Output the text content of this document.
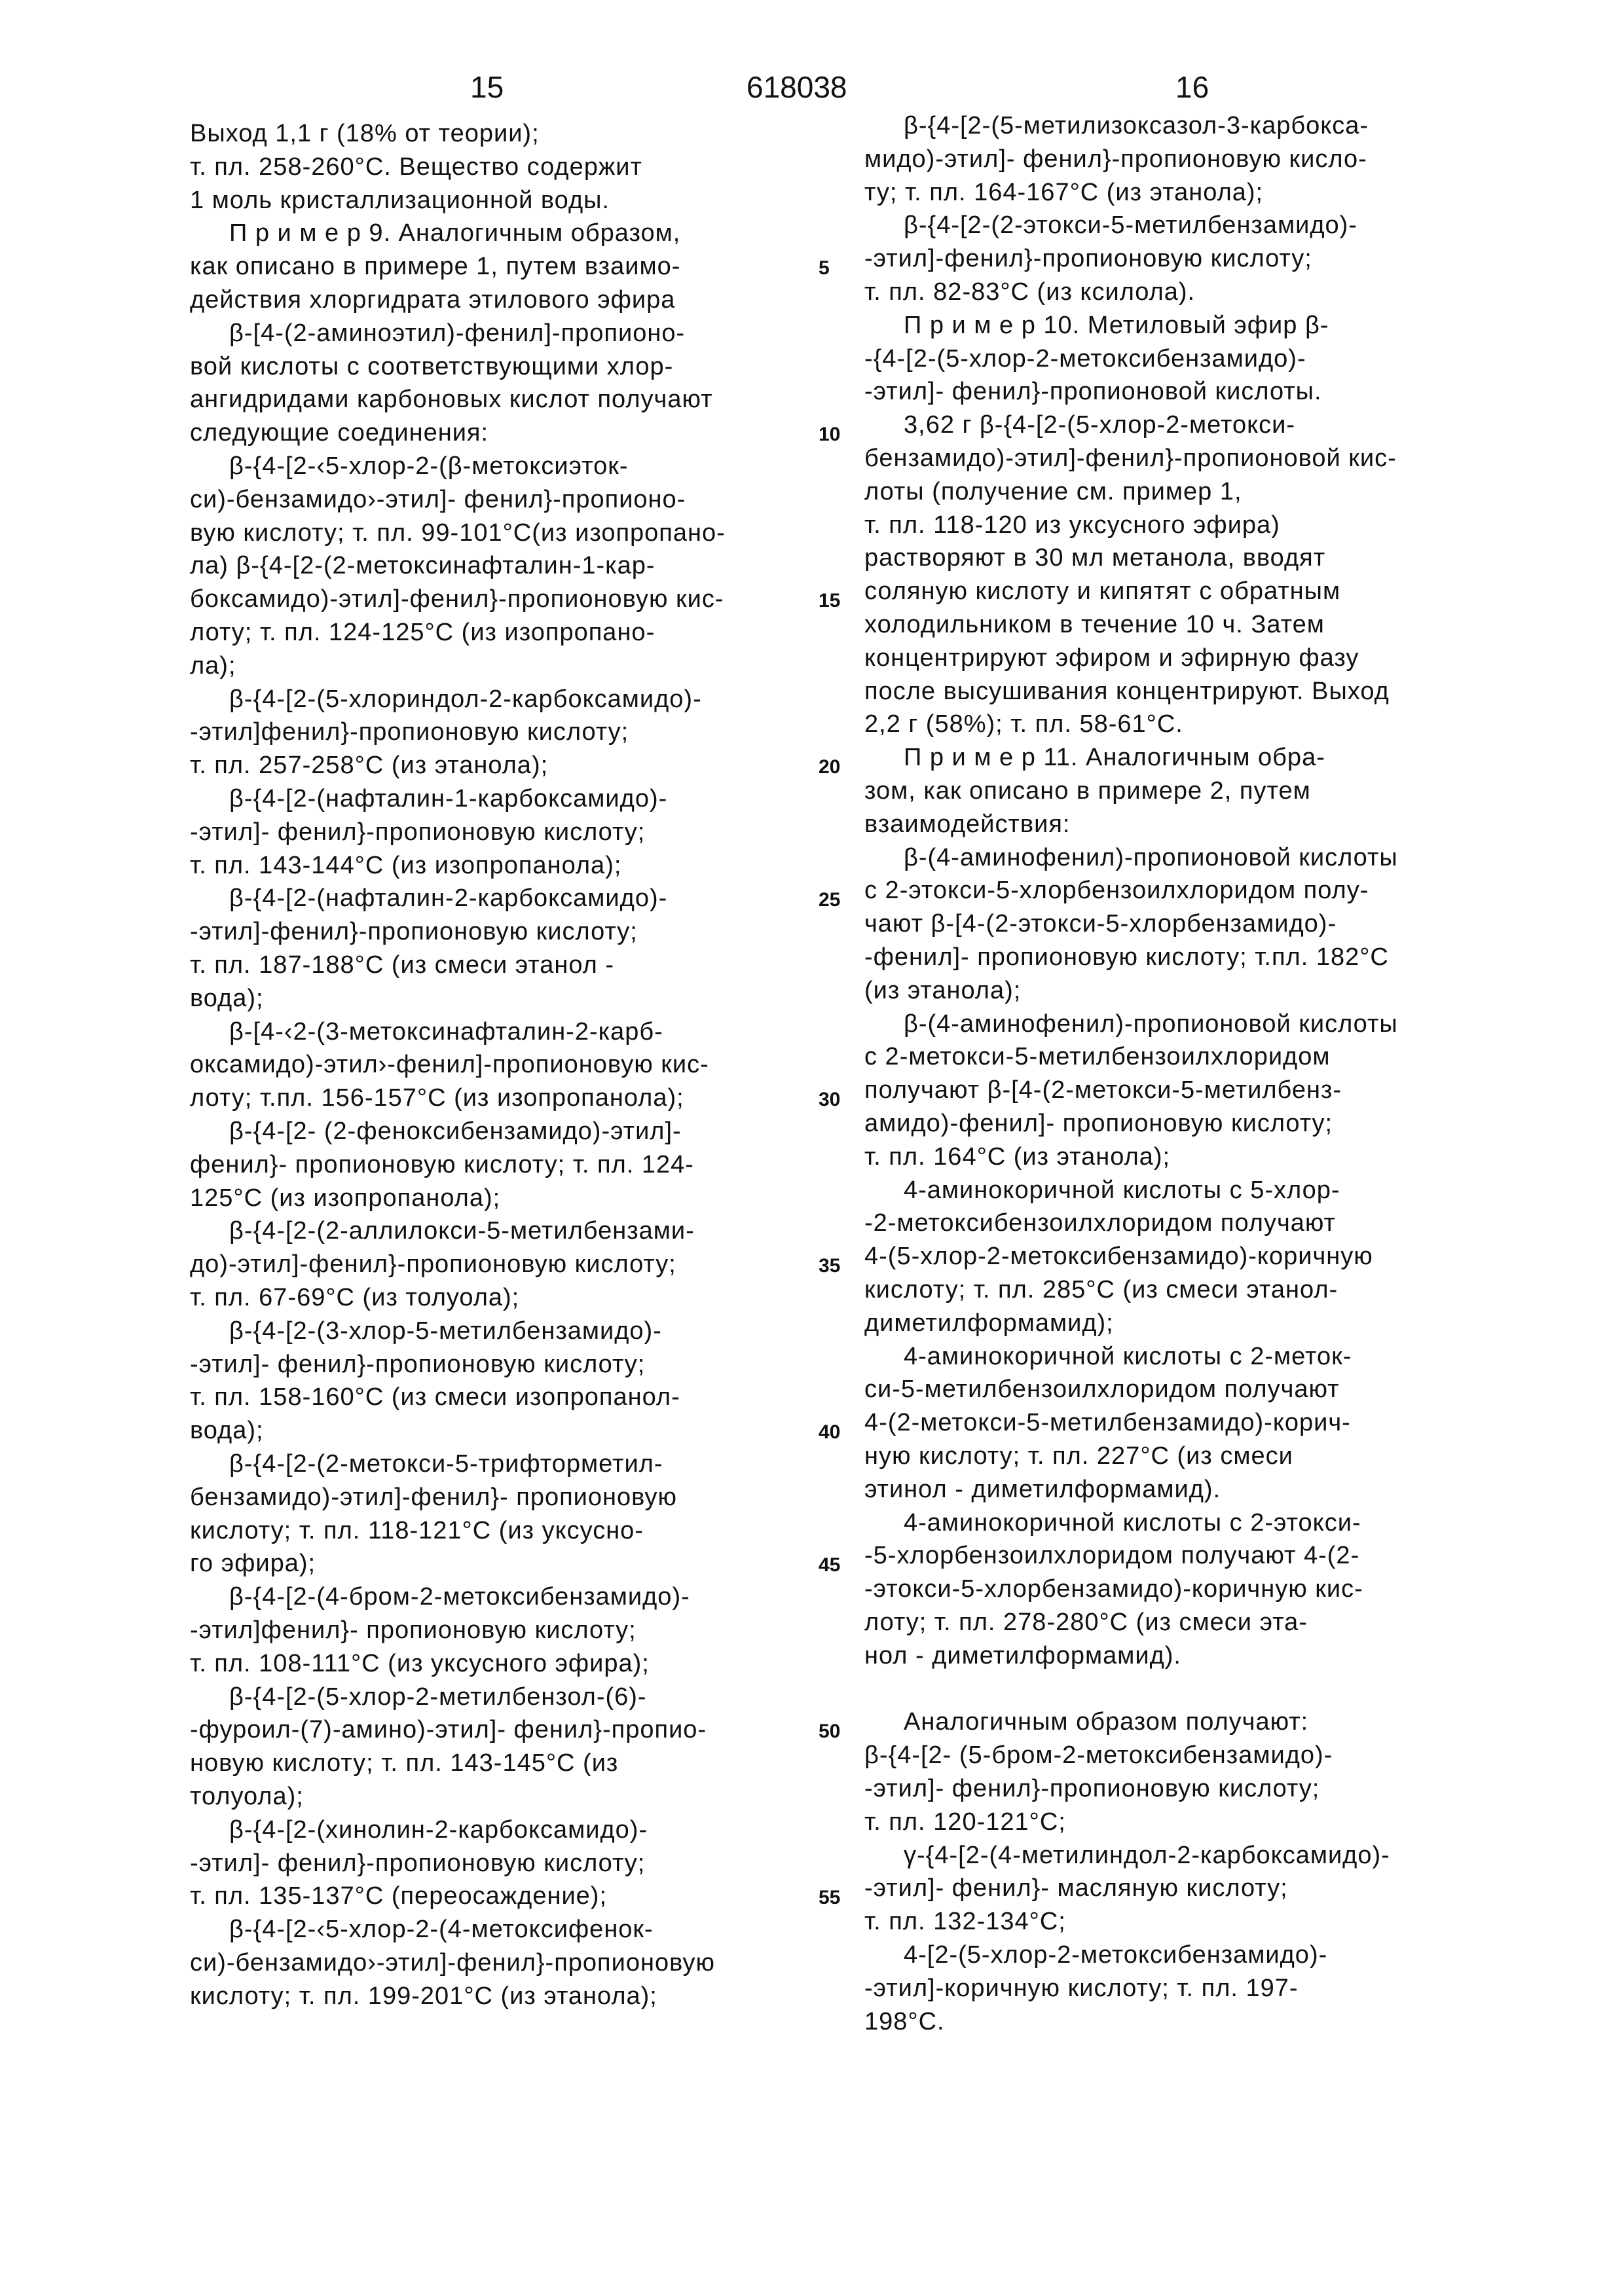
15	618038	16
Выход 1,1 г (18% от теории);
т. пл. 258-260°С. Вещество содержит
1 моль кристаллизационной воды.
П р и м е р 9. Аналогичным образом,
как описано в примере 1, путем взаимо-
действия хлоргидрата этилового эфира
β-[4-(2-аминоэтил)-фенил]-пропионо-
вой кислоты с соответствующими хлор-
ангидридами карбоновых кислот получают
следующие соединения:
β-{4-[2-‹5-хлор-2-(β-метоксиэток-
си)-бензамидо›-этил]- фенил}-пропионо-
вую кислоту; т. пл. 99-101°С(из изопропано-
ла) β-{4-[2-(2-метоксинафталин-1-кар-
боксамидо)-этил]-фенил}-пропионовую кис-
лоту; т. пл. 124-125°С (из изопропано-
ла);
β-{4-[2-(5-хлориндол-2-карбоксамидо)-
-этил]фенил}-пропионовую кислоту;
т. пл. 257-258°С (из этанола);
β-{4-[2-(нафталин-1-карбоксамидо)-
-этил]- фенил}-пропионовую кислоту;
т. пл. 143-144°С (из изопропанола);
β-{4-[2-(нафталин-2-карбоксамидо)-
-этил]-фенил}-пропионовую кислоту;
т. пл. 187-188°С (из смеси этанол -
вода);
β-[4-‹2-(3-метоксинафталин-2-карб-
оксамидо)-этил›-фенил]-пропионовую кис-
лоту; т.пл. 156-157°С (из изопропанола);
β-{4-[2- (2-феноксибензамидо)-этил]-
фенил}- пропионовую кислоту; т. пл. 124-
125°С (из изопропанола);
β-{4-[2-(2-аллилокси-5-метилбензами-
до)-этил]-фенил}-пропионовую кислоту;
т. пл. 67-69°С (из толуола);
β-{4-[2-(3-хлор-5-метилбензамидо)-
-этил]- фенил}-пропионовую кислоту;
т. пл. 158-160°С (из смеси изопропанол-
вода);
β-{4-[2-(2-метокси-5-трифторметил-
бензамидо)-этил]-фенил}- пропионовую
кислоту; т. пл. 118-121°С (из уксусно-
го эфира);
β-{4-[2-(4-бром-2-метоксибензамидо)-
-этил]фенил}- пропионовую кислоту;
т. пл. 108-111°С (из уксусного эфира);
β-{4-[2-(5-хлор-2-метилбензол-(6)-
-фуроил-(7)-амино)-этил]- фенил}-пропио-
новую кислоту; т. пл. 143-145°С (из
толуола);
β-{4-[2-(хинолин-2-карбоксамидо)-
-этил]- фенил}-пропионовую кислоту;
т. пл. 135-137°С (переосаждение);
β-{4-[2-‹5-хлор-2-(4-метоксифенок-
си)-бензамидо›-этил]-фенил}-пропионовую
кислоту; т. пл. 199-201°С (из этанола);
β-{4-[2-(5-метилизоксазол-3-карбокса-
мидо)-этил]- фенил}-пропионовую кисло-
ту; т. пл. 164-167°С (из этанола);
β-{4-[2-(2-этокси-5-метилбензамидо)-
-этил]-фенил}-пропионовую кислоту;
т. пл. 82-83°С (из ксилола).
П р и м е р 10. Метиловый эфир β-
-{4-[2-(5-хлор-2-метоксибензамидо)-
-этил]- фенил}-пропионовой кислоты.
3,62 г β-{4-[2-(5-хлор-2-метокси-
бензамидо)-этил]-фенил}-пропионовой кис-
лоты (получение см. пример 1,
т. пл. 118-120 из уксусного эфира)
растворяют в 30 мл метанола, вводят
соляную кислоту и кипятят с обратным
холодильником в течение 10 ч. Затем
концентрируют эфиром и эфирную фазу
после высушивания концентрируют. Выход
2,2 г (58%); т. пл. 58-61°С.
П р и м е р 11. Аналогичным обра-
зом, как описано в примере 2, путем
взаимодействия:
β-(4-аминофенил)-пропионовой кислоты
с 2-этокси-5-хлорбензоилхлоридом полу-
чают β-[4-(2-этокси-5-хлорбензамидо)-
-фенил]- пропионовую кислоту; т.пл. 182°С
(из этанола);
β-(4-аминофенил)-пропионовой кислоты
с 2-метокси-5-метилбензоилхлоридом
получают β-[4-(2-метокси-5-метилбенз-
амидо)-фенил]- пропионовую кислоту;
т. пл. 164°С (из этанола);
4-аминокоричной кислоты с 5-хлор-
-2-метоксибензоилхлоридом получают
4-(5-хлор-2-метоксибензамидо)-коричную
кислоту; т. пл. 285°С (из смеси этанол-
диметилформамид);
4-аминокоричной кислоты с 2-меток-
си-5-метилбензоилхлоридом получают
4-(2-метокси-5-метилбензамидо)-корич-
ную кислоту; т. пл. 227°С (из смеси
этинол - диметилформамид).
4-аминокоричной кислоты с 2-этокси-
-5-хлорбензоилхлоридом получают 4-(2-
-этокси-5-хлорбензамидо)-коричную кис-
лоту; т. пл. 278-280°С (из смеси эта-
нол - диметилформамид).
Аналогичным образом получают:
β-{4-[2- (5-бром-2-метоксибензамидо)-
-этил]- фенил}-пропионовую кислоту;
т. пл. 120-121°С;
γ-{4-[2-(4-метилиндол-2-карбоксамидо)-
-этил]- фенил}- масляную кислоту;
т. пл. 132-134°С;
4-[2-(5-хлор-2-метоксибензамидо)-
-этил]-коричную кислоту; т. пл. 197-
198°С.
5
10
15
20
25
30
35
40
45
50
55
